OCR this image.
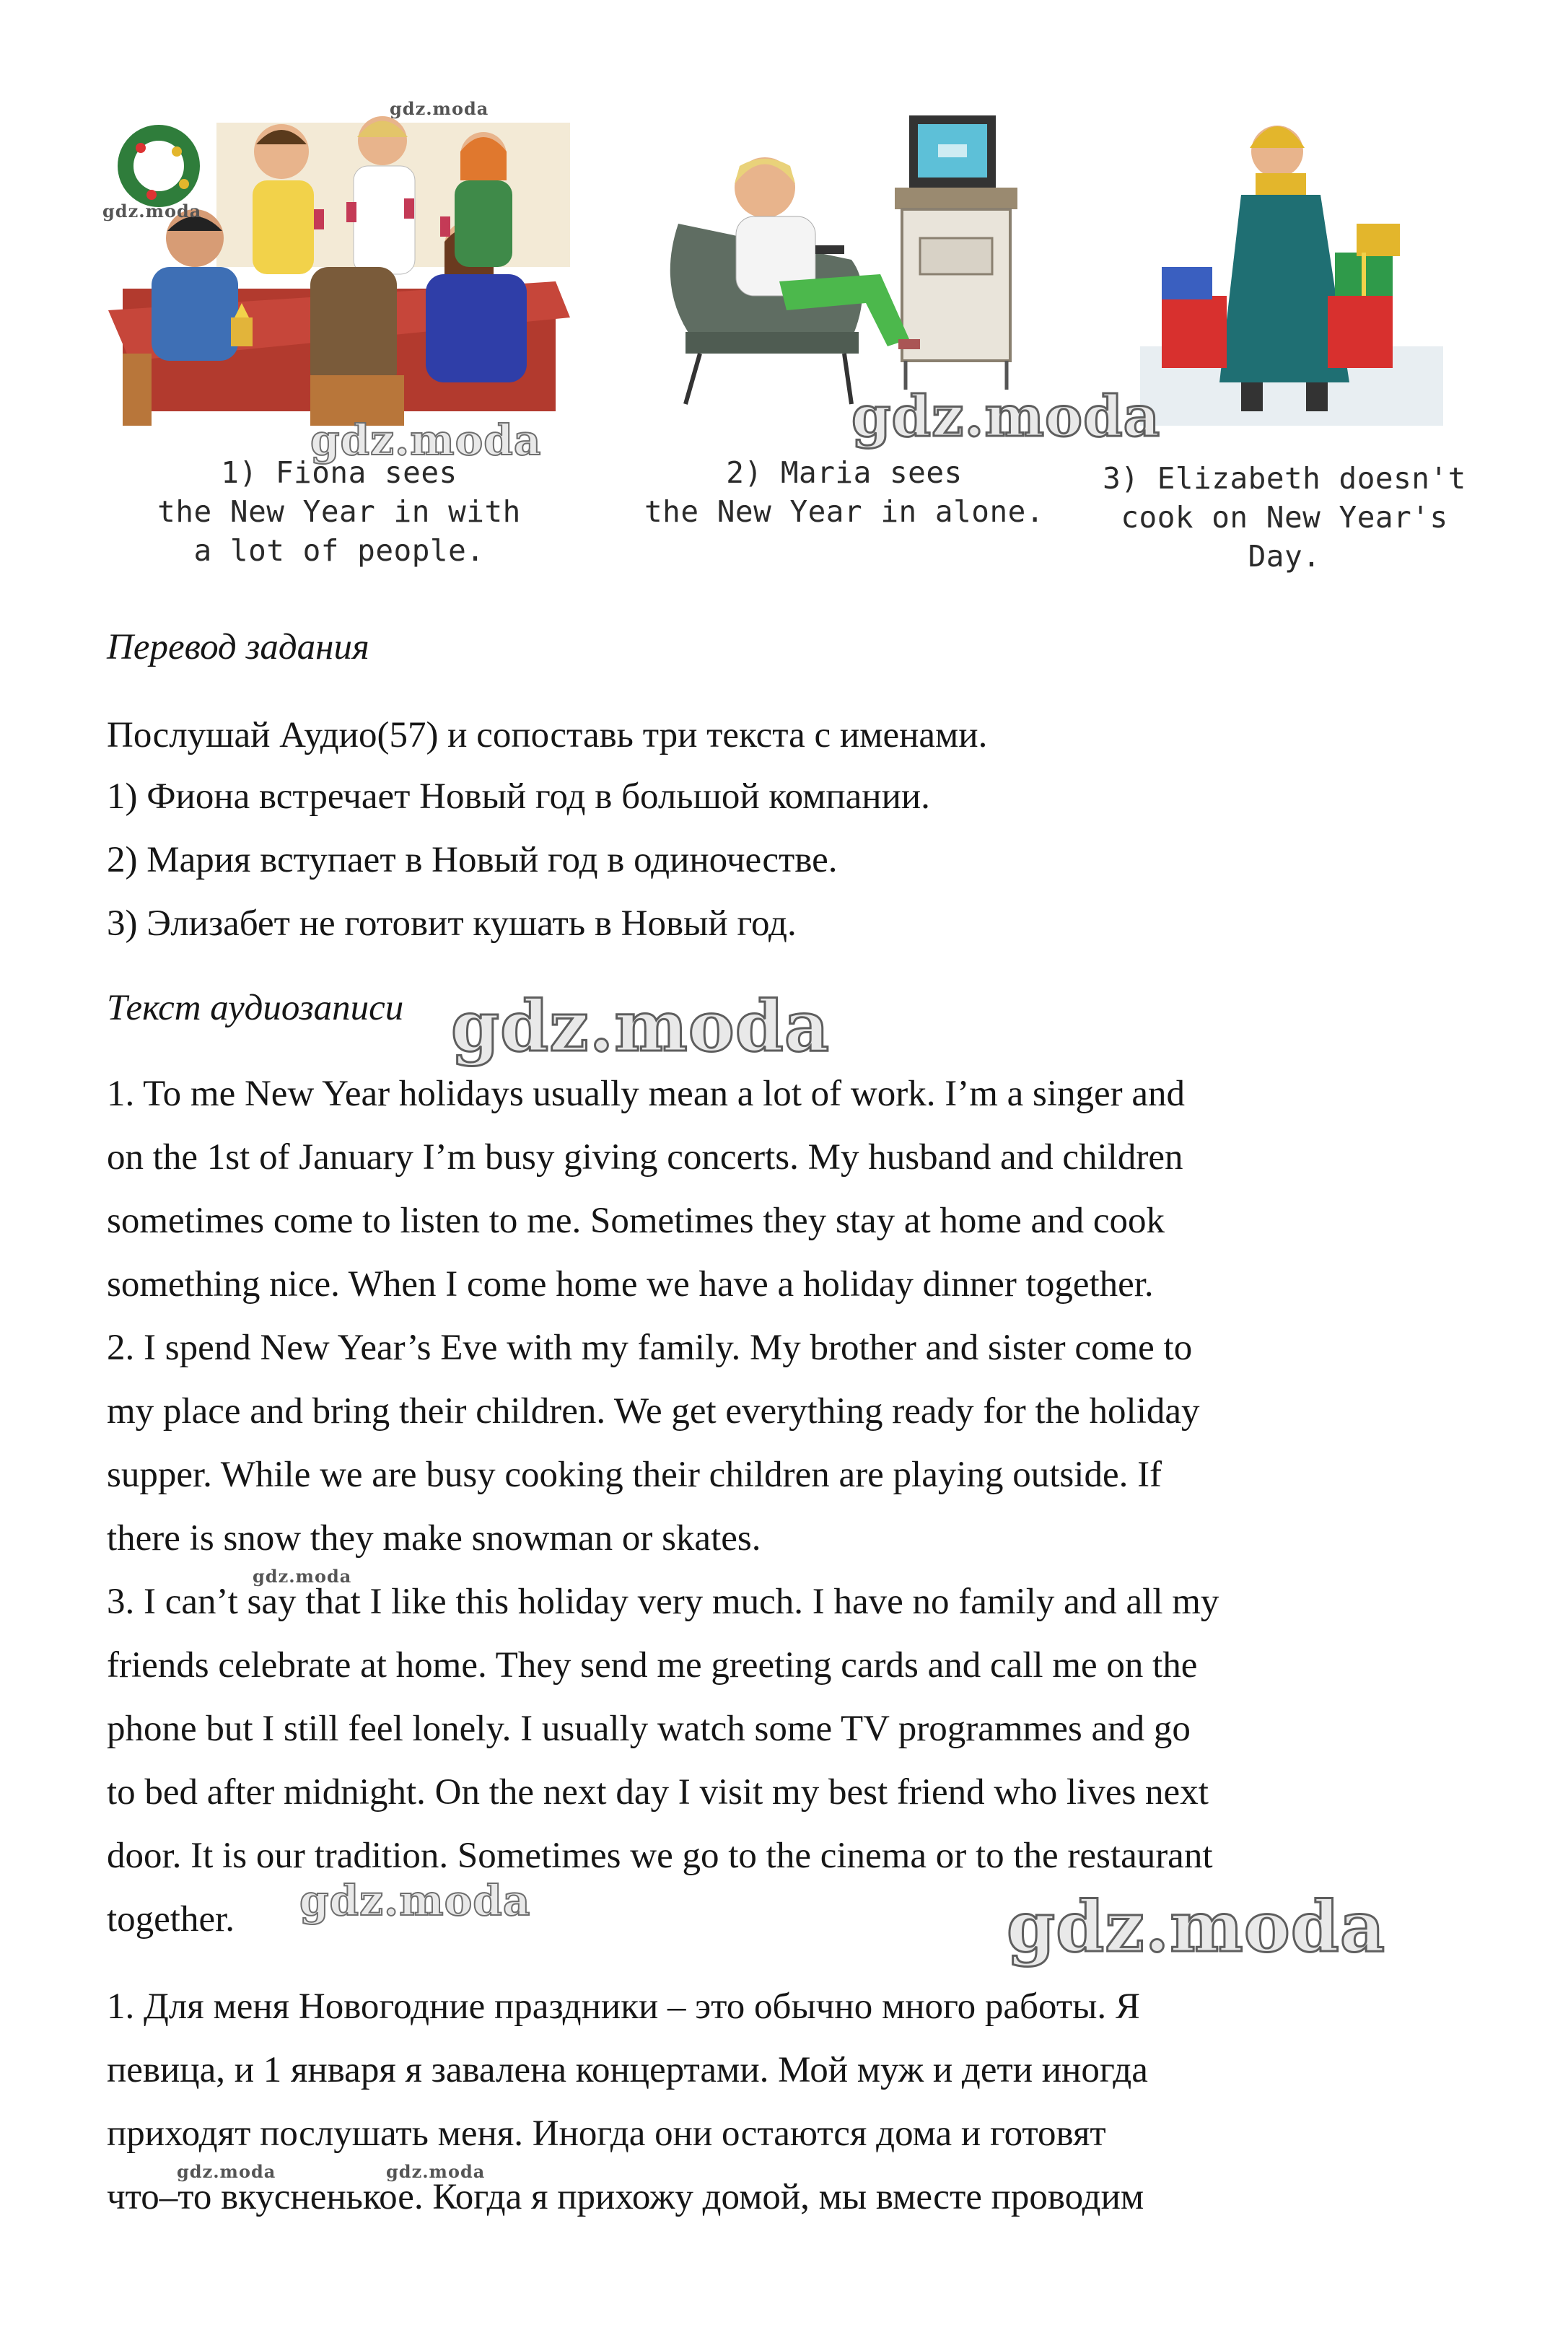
gdz.moda
gdz.moda
gdz.moda	gdz.moda
1) Fiona sees
the New Year in with
a lot of people.
2) Maria sees
the New Year in alone.
3) Elizabeth doesn't
cook on New Year's
Day.
Перевод задания
Послушай Аудио(57) и сопоставь три текста с именами.
1) Фиона встречает Новый год в большой компании.
2) Мария вступает в Новый год в одиночестве.
3) Элизабет не готовит кушать в Новый год.
Текст аудиозаписи gdz.moda
1. To me New Year holidays usually mean a lot of work. I’m a singer and
on the 1st of January I’m busy giving concerts. My husband and children
sometimes come to listen to me. Sometimes they stay at home and cook
something nice. When I come home we have a holiday dinner together.
2. I spend New Year’s Eve with my family. My brother and sister come to
my place and bring their children. We get everything ready for the holiday
supper. While we are busy cooking their children are playing outside. If
there is snow they make snowman or skates.
gdz.moda
3. I can’t say that I like this holiday very much. I have no family and all my
friends celebrate at home. They send me greeting cards and call me on the
phone but I still feel lonely. I usually watch some TV programmes and go
to bed after midnight. On the next day I visit my best friend who lives next
door. It is our tradition. Sometimes we go to the cinema or to the restaurant
together. gdz.moda	gdz.moda
1. Для меня Новогодние праздники – это обычно много работы. Я
певица, и 1 января я завалена концертами. Мой муж и дети иногда
приходят послушать меня. Иногда они остаются дома и готовят
gdz.moda	gdz.moda
что–то вкусненькое. Когда я прихожу домой, мы вместе проводим
